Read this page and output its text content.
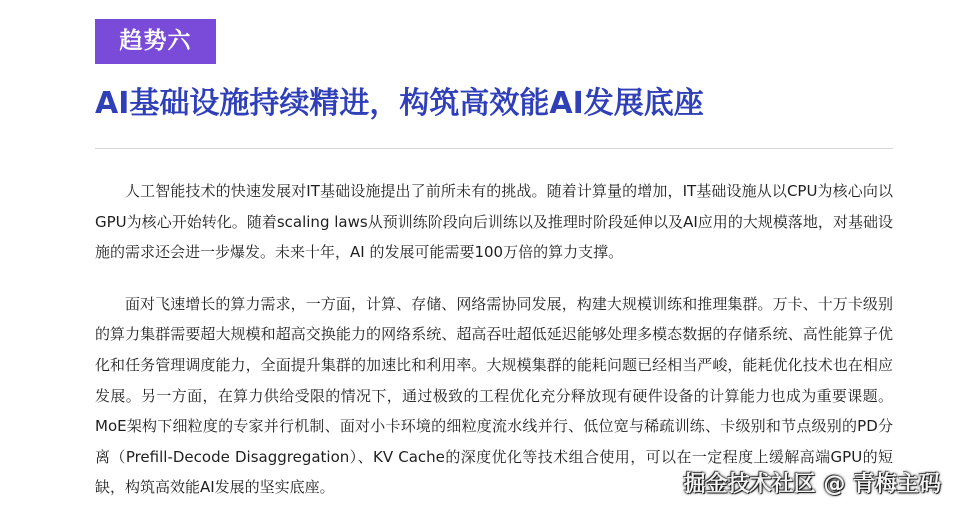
趋势六
AI基础设施持续精进，构筑高效能AI发展底座

人工智能技术的快速发展对IT基础设施提出了前所未有的挑战。随着计算量的增加，IT基础设施从以CPU为核心向以GPU为核心开始转化。随着scaling laws从预训练阶段向后训练以及推理时阶段延伸以及AI应用的大规模落地，对基础设施的需求还会进一步爆发。未来十年，AI 的发展可能需要100万倍的算力支撑。

面对飞速增长的算力需求，一方面，计算、存储、网络需协同发展，构建大规模训练和推理集群。万卡、十万卡级别的算力集群需要超大规模和超高交换能力的网络系统、超高吞吐超低延迟能够处理多模态数据的存储系统、高性能算子优化和任务管理调度能力，全面提升集群的加速比和利用率。大规模集群的能耗问题已经相当严峻，能耗优化技术也在相应发展。另一方面，在算力供给受限的情况下，通过极致的工程优化充分释放现有硬件设备的计算能力也成为重要课题。MoE架构下细粒度的专家并行机制、面对小卡环境的细粒度流水线并行、低位宽与稀疏训练、卡级别和节点级别的PD分离（Prefill-Decode Disaggregation）、KV Cache的深度优化等技术组合使用，可以在一定程度上缓解高端GPU的短缺，构筑高效能AI发展的坚实底座。	掘金技术社区 @ 青梅主码
